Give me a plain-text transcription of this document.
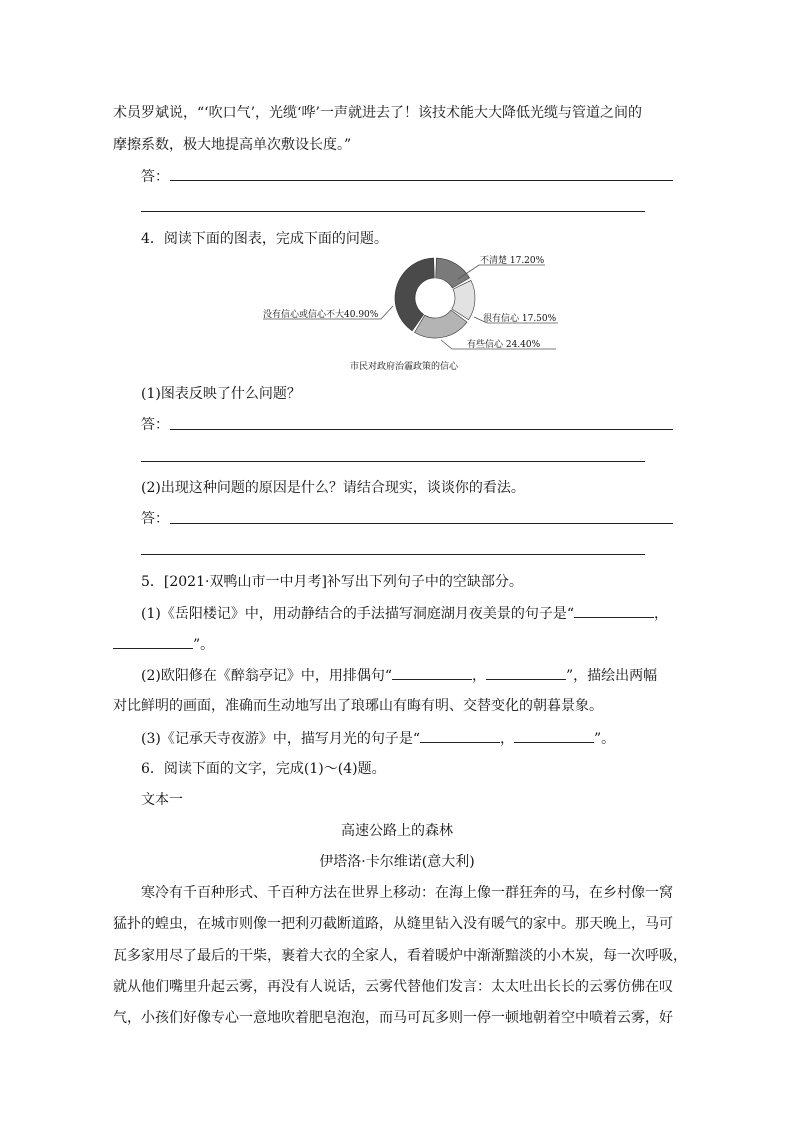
术员罗斌说，“‘吹口气’，光缆‘哗’一声就进去了！该技术能大大降低光缆与管道之间的
摩擦系数，极大地提高单次敷设长度。”
答：
4．阅读下面的图表，完成下面的问题。
不清楚 17.20%
很有信心 17.50%
有些信心 24.40%
没有信心或信心不大40.90%
市民对政府治霾政策的信心
(1)图表反映了什么问题？
答：
(2)出现这种问题的原因是什么？请结合现实，谈谈你的看法。
答：
5．[2021·双鸭山市一中月考]补写出下列句子中的空缺部分。
(1)《岳阳楼记》中，用动静结合的手法描写洞庭湖月夜美景的句子是“	，
”。
(2)欧阳修在《醉翁亭记》中，用排偶句“	，	”，描绘出两幅
对比鲜明的画面，准确而生动地写出了琅琊山有晦有明、交替变化的朝暮景象。
(3)《记承天寺夜游》中，描写月光的句子是“	，	”。
6．阅读下面的文字，完成(1)～(4)题。
文本一
高速公路上的森林
伊塔洛·卡尔维诺(意大利)
寒冷有千百种形式、千百种方法在世界上移动：在海上像一群狂奔的马，在乡村像一窝
猛扑的蝗虫，在城市则像一把利刃截断道路，从缝里钻入没有暖气的家中。那天晚上，马可
瓦多家用尽了最后的干柴，裹着大衣的全家人，看着暖炉中渐渐黯淡的小木炭，每一次呼吸，
就从他们嘴里升起云雾，再没有人说话，云雾代替他们发言：太太吐出长长的云雾仿佛在叹
气，小孩们好像专心一意地吹着肥皂泡泡，而马可瓦多则一停一顿地朝着空中喷着云雾，好
